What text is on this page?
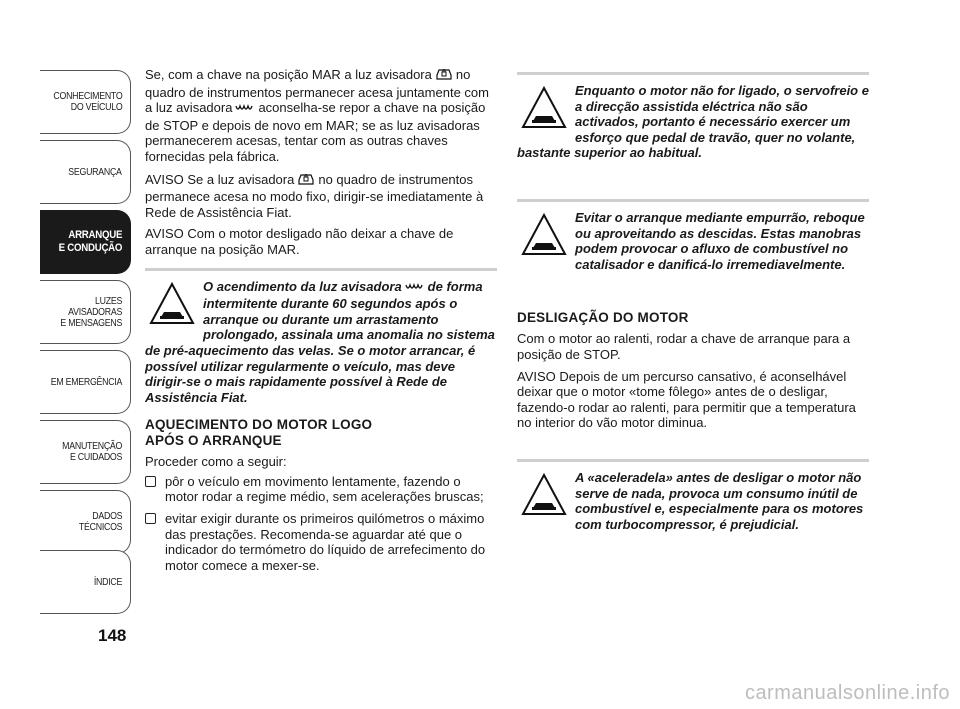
CONHECIMENTO
DO VEÍCULO
SEGURANÇA
ARRANQUE
E CONDUÇÃO
LUZES
AVISADORAS
E MENSAGENS
EM EMERGÊNCIA
MANUTENÇÃO
E CUIDADOS
DADOS
TÉCNICOS
ÍNDICE
148

Se, com a chave na posição MAR a luz avisadora no quadro de instrumentos permanecer acesa juntamente com a luz avisadora aconselha-se repor a chave na posição de STOP e depois de novo em MAR; se as luz avisadoras permanecerem acesas, tentar com as outras chaves fornecidas pela fábrica.

AVISO Se a luz avisadora no quadro de instrumentos permanece acesa no modo fixo, dirigir-se imediatamente à Rede de Assistência Fiat.

AVISO Com o motor desligado não deixar a chave de arranque na posição MAR.

O acendimento da luz avisadora de forma intermitente durante 60 segundos após o arranque ou durante um arrastamento prolongado, assinala uma anomalia no sistema de pré-aquecimento das velas. Se o motor arrancar, é possível utilizar regularmente o veículo, mas deve dirigir-se o mais rapidamente possível à Rede de Assistência Fiat.

AQUECIMENTO DO MOTOR LOGO
APÓS O ARRANQUE

Proceder como a seguir:

pôr o veículo em movimento lentamente, fazendo o motor rodar a regime médio, sem acelerações bruscas;
evitar exigir durante os primeiros quilómetros o máximo das prestações. Recomenda-se aguardar até que o indicador do termómetro do líquido de arrefecimento do motor comece a mexer-se.

Enquanto o motor não for ligado, o servofreio e a direcção assistida eléctrica não são activados, portanto é necessário exercer um esforço que pedal de travão, quer no volante, bastante superior ao habitual.

Evitar o arranque mediante empurrão, reboque ou aproveitando as descidas. Estas manobras podem provocar o afluxo de combustível no catalisador e danificá-lo irremediavelmente.

DESLIGAÇÃO DO MOTOR

Com o motor ao ralenti, rodar a chave de arranque para a posição de STOP.

AVISO Depois de um percurso cansativo, é aconselhável deixar que o motor «tome fôlego» antes de o desligar, fazendo-o rodar ao ralenti, para permitir que a temperatura no interior do vão motor diminua.

A «aceleradela» antes de desligar o motor não serve de nada, provoca um consumo inútil de combustível e, especialmente para os motores com turbocompressor, é prejudicial.

carmanualsonline.info
